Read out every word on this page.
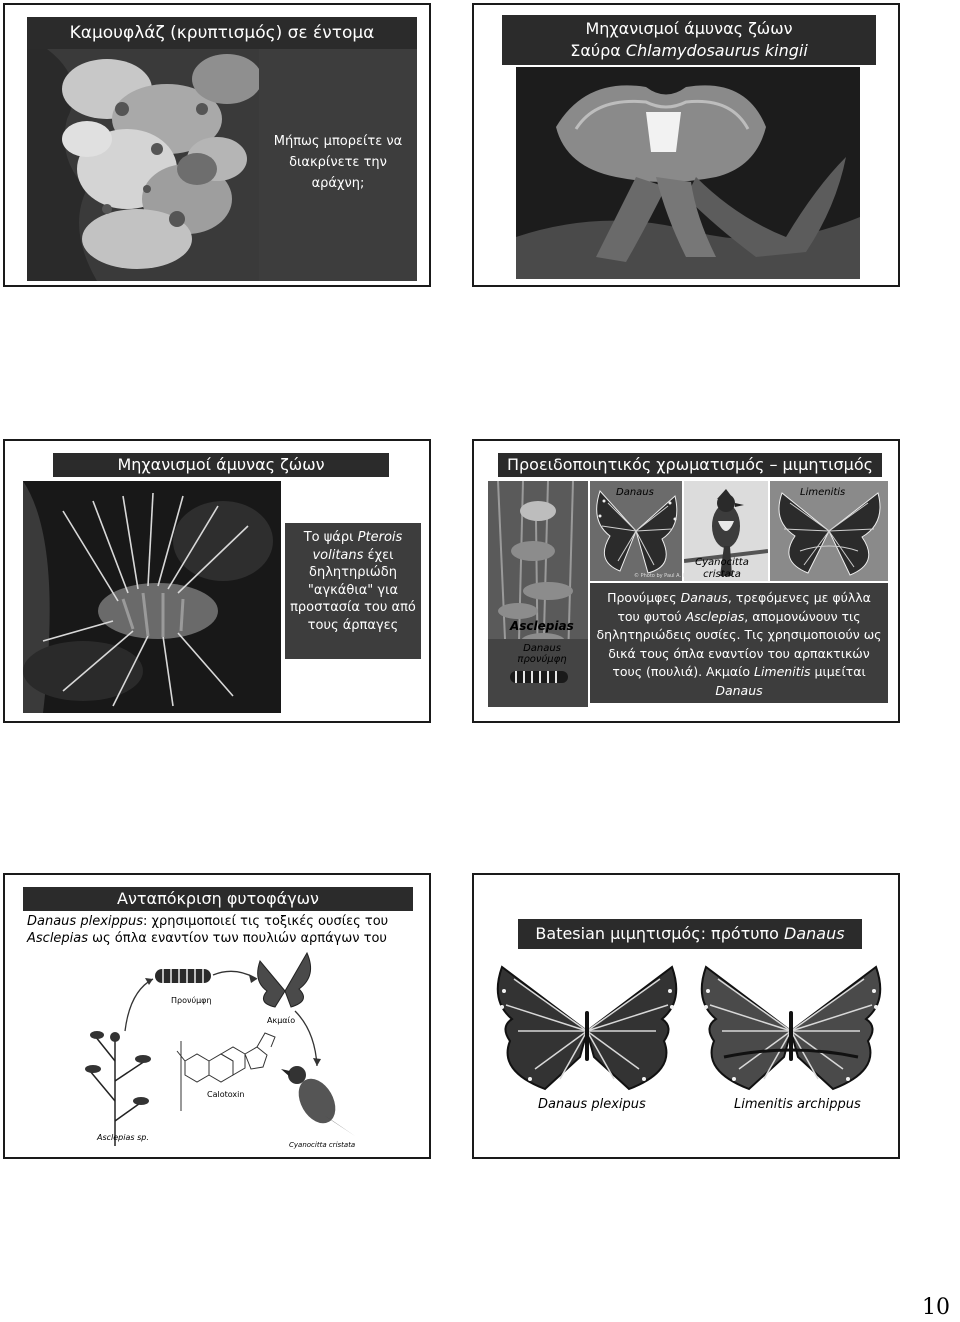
Καμουφλάζ (κρυπτισμός) σε έντομα
Μήπως μπορείτε να διακρίνετε την αράχνη;
Μηχανισμοί άμυνας ζώων
Σαύρα Chlamydosaurus kingii
Μηχανισμοί άμυνας ζώων
Το ψάρι Pterois volitans έχει δηλητηριώδη "αγκάθια" για προστασία του από τους άρπαγες
Προειδοποιητικός χρωματισμός – μιμητισμός
Asclepias
Danaus προνύμφη
Danaus	Limenitis
Cyanocitta cristata
© Photo by Paul A. Opler
Προνύμφες Danaus, τρεφόμενες με φύλλα του φυτού Asclepias, απομονώνουν τις δηλητηριώδεις ουσίες. Τις χρησιμοποιούν ως δικά τους όπλα εναντίον του αρπακτικών τους (πουλιά). Ακμαίο Limenitis μιμείται Danaus
Ανταπόκριση φυτοφάγων
Danaus plexippus: χρησιμοποιεί τις τοξικές ουσίες του Asclepias ως όπλα εναντίον των πουλιών αρπάγων του
Προνύμφη
Ακμαίο
Calotoxin
Cyanocitta cristata
Asclepias sp.
Batesian μιμητισμός: πρότυπο Danaus
Danaus plexipus	Limenitis archippus
10
